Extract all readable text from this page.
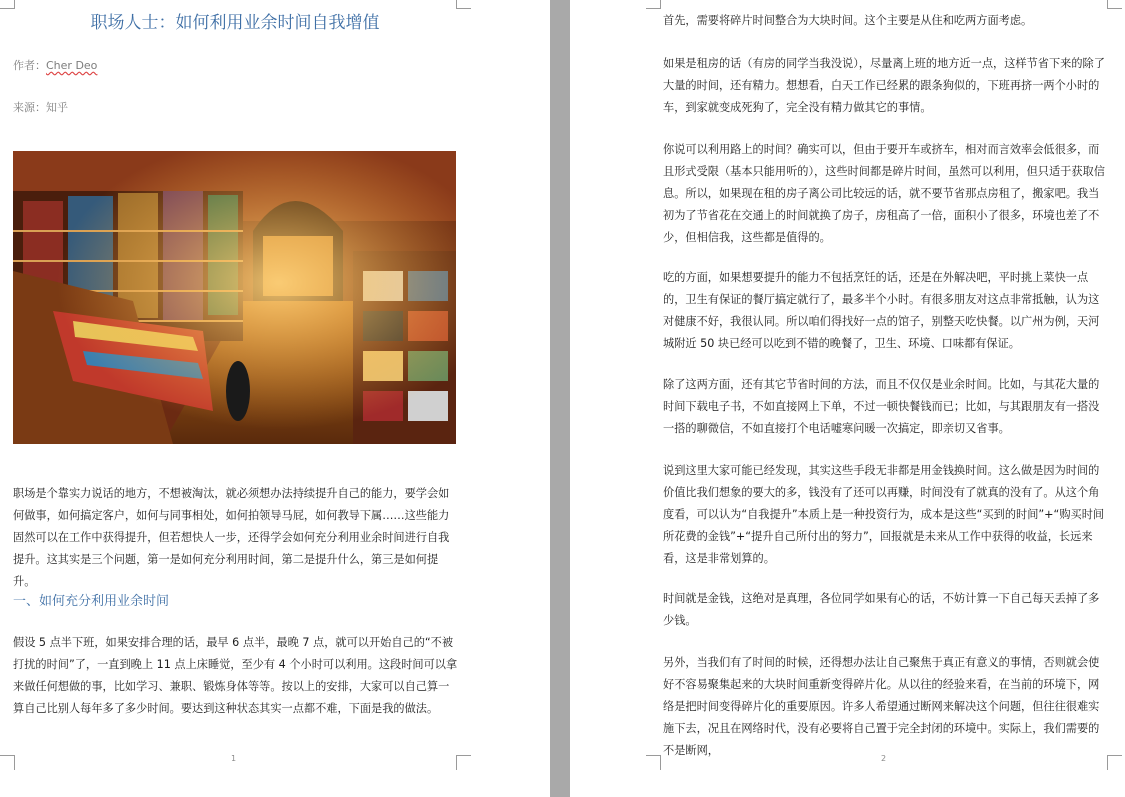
职场人士：如何利用业余时间自我增值
作者：Cher Deo
来源：知乎

职场是个靠实力说话的地方，不想被淘汰，就必须想办法持续提升自己的能力，要学会如何做事，如何搞定客户，如何与同事相处，如何拍领导马屁，如何教导下属……这些能力固然可以在工作中获得提升，但若想快人一步，还得学会如何充分利用业余时间进行自我提升。这其实是三个问题，第一是如何充分利用时间，第二是提升什么，第三是如何提升。

一、如何充分利用业余时间

假设 5 点半下班，如果安排合理的话，最早 6 点半，最晚 7 点，就可以开始自己的“不被打扰的时间”了，一直到晚上 11 点上床睡觉，至少有 4 个小时可以利用。这段时间可以拿来做任何想做的事，比如学习、兼职、锻炼身体等等。按以上的安排，大家可以自己算一算自己比别人每年多了多少时间。要达到这种状态其实一点都不难，下面是我的做法。

1

首先，需要将碎片时间整合为大块时间。这个主要是从住和吃两方面考虑。

如果是租房的话（有房的同学当我没说），尽量离上班的地方近一点，这样节省下来的除了大量的时间，还有精力。想想看，白天工作已经累的跟条狗似的，下班再挤一两个小时的车，到家就变成死狗了，完全没有精力做其它的事情。

你说可以利用路上的时间？确实可以，但由于要开车或挤车，相对而言效率会低很多，而且形式受限（基本只能用听的），这些时间都是碎片时间，虽然可以利用，但只适于获取信息。所以，如果现在租的房子离公司比较远的话，就不要节省那点房租了，搬家吧。我当初为了节省花在交通上的时间就换了房子，房租高了一倍，面积小了很多，环境也差了不少，但相信我，这些都是值得的。

吃的方面，如果想要提升的能力不包括烹饪的话，还是在外解决吧，平时挑上菜快一点的，卫生有保证的餐厅搞定就行了，最多半个小时。有很多朋友对这点非常抵触，认为这对健康不好，我很认同。所以咱们得找好一点的馆子，别整天吃快餐。以广州为例，天河城附近 50 块已经可以吃到不错的晚餐了，卫生、环境、口味都有保证。

除了这两方面，还有其它节省时间的方法，而且不仅仅是业余时间。比如，与其花大量的时间下载电子书，不如直接网上下单，不过一顿快餐钱而已；比如，与其跟朋友有一搭没一搭的聊微信，不如直接打个电话嘘寒问暖一次搞定，即亲切又省事。

说到这里大家可能已经发现，其实这些手段无非都是用金钱换时间。这么做是因为时间的价值比我们想象的要大的多，钱没有了还可以再赚，时间没有了就真的没有了。从这个角度看，可以认为“自我提升”本质上是一种投资行为，成本是这些“买到的时间”+“购买时间所花费的金钱”+“提升自己所付出的努力”，回报就是未来从工作中获得的收益，长远来看，这是非常划算的。

时间就是金钱，这绝对是真理，各位同学如果有心的话，不妨计算一下自己每天丢掉了多少钱。

另外，当我们有了时间的时候，还得想办法让自己聚焦于真正有意义的事情，否则就会使好不容易聚集起来的大块时间重新变得碎片化。从以往的经验来看，在当前的环境下，网络是把时间变得碎片化的重要原因。许多人希望通过断网来解决这个问题，但往往很难实施下去，况且在网络时代，没有必要将自己置于完全封闭的环境中。实际上，我们需要的不是断网，

2
